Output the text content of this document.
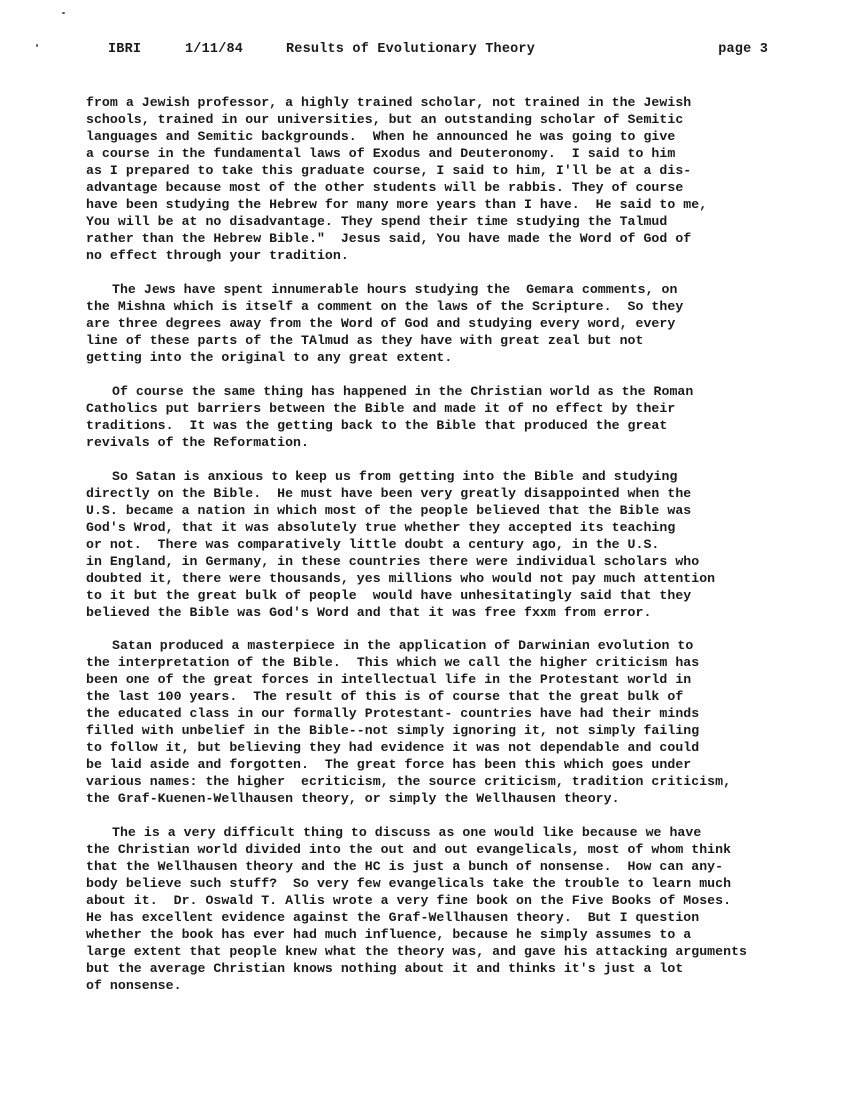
IBRI	1/11/84	Results of Evolutionary Theory	page 3
from a Jewish professor, a highly trained scholar, not trained in the Jewish
schools, trained in our universities, but an outstanding scholar of Semitic
languages and Semitic backgrounds.  When he announced he was going to give
a course in the fundamental laws of Exodus and Deuteronomy.  I said to him
as I prepared to take this graduate course, I said to him, I'll be at a dis-
advantage because most of the other students will be rabbis. They of course
have been studying the Hebrew for many more years than I have.  He said to me,
You will be at no disadvantage. They spend their time studying the Talmud
rather than the Hebrew Bible."  Jesus said, You have made the Word of God of
no effect through your tradition.
The Jews have spent innumerable hours studying the  Gemara comments, on
the Mishna which is itself a comment on the laws of the Scripture.  So they
are three degrees away from the Word of God and studying every word, every
line of these parts of the TAlmud as they have with great zeal but not
getting into the original to any great extent.
Of course the same thing has happened in the Christian world as the Roman
Catholics put barriers between the Bible and made it of no effect by their
traditions.  It was the getting back to the Bible that produced the great
revivals of the Reformation.
So Satan is anxious to keep us from getting into the Bible and studying
directly on the Bible.  He must have been very greatly disappointed when the
U.S. became a nation in which most of the people believed that the Bible was
God's Wrod, that it was absolutely true whether they accepted its teaching
or not.  There was comparatively little doubt a century ago, in the U.S.
in England, in Germany, in these countries there were individual scholars who
doubted it, there were thousands, yes millions who would not pay much attention
to it but the great bulk of people  would have unhesitatingly said that they
believed the Bible was God's Word and that it was free fxxm from error.
Satan produced a masterpiece in the application of Darwinian evolution to
the interpretation of the Bible.  This which we call the higher criticism has
been one of the great forces in intellectual life in the Protestant world in
the last 100 years.  The result of this is of course that the great bulk of
the educated class in our formally Protestant- countries have had their minds
filled with unbelief in the Bible--not simply ignoring it, not simply failing
to follow it, but believing they had evidence it was not dependable and could
be laid aside and forgotten.  The great force has been this which goes under
various names: the higher  ecriticism, the source criticism, tradition criticism,
the Graf-Kuenen-Wellhausen theory, or simply the Wellhausen theory.
The is a very difficult thing to discuss as one would like because we have
the Christian world divided into the out and out evangelicals, most of whom think
that the Wellhausen theory and the HC is just a bunch of nonsense.  How can any-
body believe such stuff?  So very few evangelicals take the trouble to learn much
about it.  Dr. Oswald T. Allis wrote a very fine book on the Five Books of Moses.
He has excellent evidence against the Graf-Wellhausen theory.  But I question
whether the book has ever had much influence, because he simply assumes to a
large extent that people knew what the theory was, and gave his attacking arguments
but the average Christian knows nothing about it and thinks it's just a lot
of nonsense.
